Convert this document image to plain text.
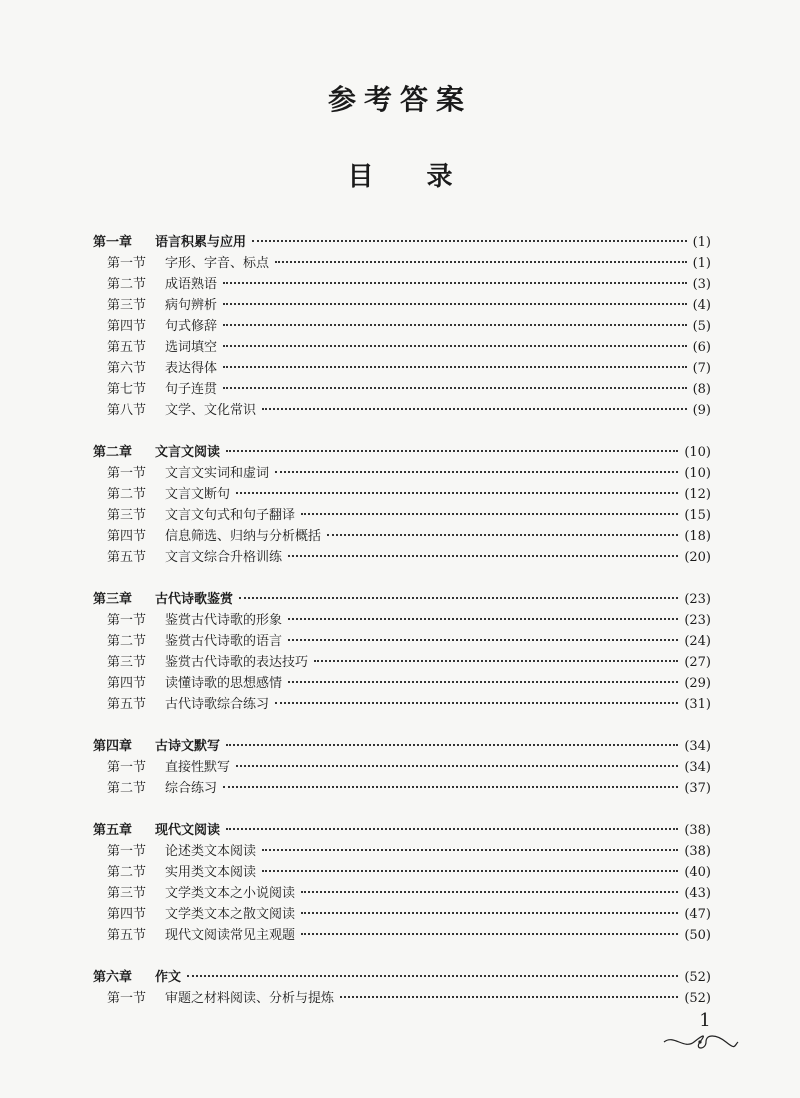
参考答案
目 录
第一章	语言积累与应用	(1)
第一节	字形、字音、标点	(1)
第二节	成语熟语	(3)
第三节	病句辨析	(4)
第四节	句式修辞	(5)
第五节	选词填空	(6)
第六节	表达得体	(7)
第七节	句子连贯	(8)
第八节	文学、文化常识	(9)
第二章	文言文阅读	(10)
第一节	文言文实词和虚词	(10)
第二节	文言文断句	(12)
第三节	文言文句式和句子翻译	(15)
第四节	信息筛选、归纳与分析概括	(18)
第五节	文言文综合升格训练	(20)
第三章	古代诗歌鉴赏	(23)
第一节	鉴赏古代诗歌的形象	(23)
第二节	鉴赏古代诗歌的语言	(24)
第三节	鉴赏古代诗歌的表达技巧	(27)
第四节	读懂诗歌的思想感情	(29)
第五节	古代诗歌综合练习	(31)
第四章	古诗文默写	(34)
第一节	直接性默写	(34)
第二节	综合练习	(37)
第五章	现代文阅读	(38)
第一节	论述类文本阅读	(38)
第二节	实用类文本阅读	(40)
第三节	文学类文本之小说阅读	(43)
第四节	文学类文本之散文阅读	(47)
第五节	现代文阅读常见主观题	(50)
第六章	作文	(52)
第一节	审题之材料阅读、分析与提炼	(52)
1
